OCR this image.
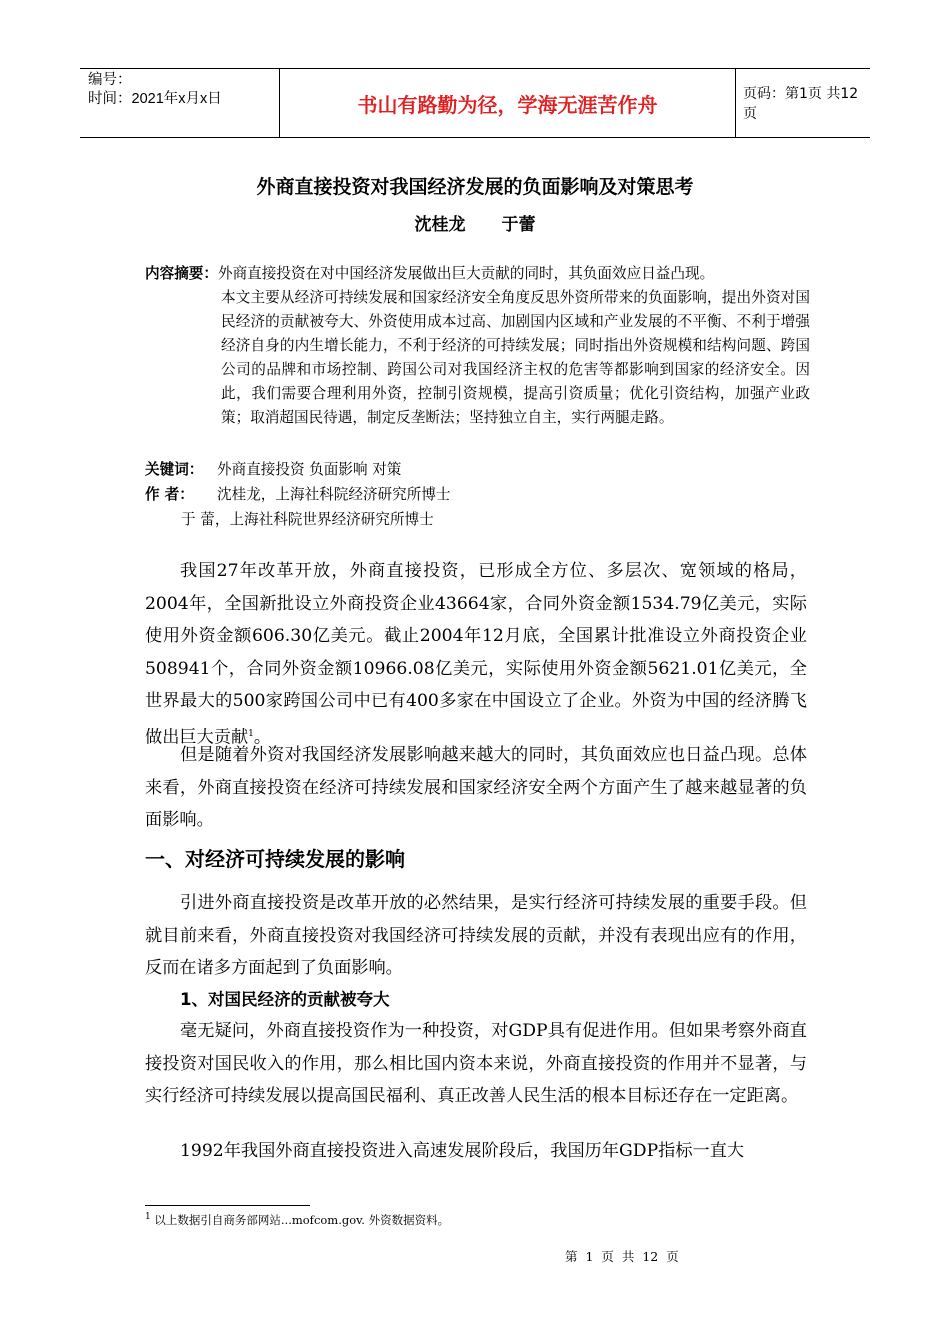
编号：
时间：2021年x月x日	书山有路勤为径，学海无涯苦作舟	页码：第1页 共12页
外商直接投资对我国经济发展的负面影响及对策思考
沈桂龙 于蕾
内容摘要：外商直接投资在对中国经济发展做出巨大贡献的同时，其负面效应日益凸现。
本文主要从经济可持续发展和国家经济安全角度反思外资所带来的负面影响，提出外资对国民经济的贡献被夸大、外资使用成本过高、加剧国内区域和产业发展的不平衡、不利于增强经济自身的内生增长能力，不利于经济的可持续发展；同时指出外资规模和结构问题、跨国公司的品牌和市场控制、跨国公司对我国经济主权的危害等都影响到国家的经济安全。因此，我们需要合理利用外资，控制引资规模，提高引资质量；优化引资结构，加强产业政策；取消超国民待遇，制定反垄断法；坚持独立自主，实行两腿走路。
关键词： 外商直接投资 负面影响 对策
作 者： 沈桂龙，上海社科院经济研究所博士
于 蕾，上海社科院世界经济研究所博士

我国27年改革开放，外商直接投资，已形成全方位、多层次、宽领域的格局，2004年，全国新批设立外商投资企业43664家，合同外资金额1534.79亿美元，实际使用外资金额606.30亿美元。截止2004年12月底，全国累计批准设立外商投资企业508941个，合同外资金额10966.08亿美元，实际使用外资金额5621.01亿美元，全世界最大的500家跨国公司中已有400多家在中国设立了企业。外资为中国的经济腾飞做出巨大贡献$^1$。

但是随着外资对我国经济发展影响越来越大的同时，其负面效应也日益凸现。总体来看，外商直接投资在经济可持续发展和国家经济安全两个方面产生了越来越显著的负面影响。

一、对经济可持续发展的影响

引进外商直接投资是改革开放的必然结果，是实行经济可持续发展的重要手段。但就目前来看，外商直接投资对我国经济可持续发展的贡献，并没有表现出应有的作用，反而在诸多方面起到了负面影响。

1、对国民经济的贡献被夸大

毫无疑问，外商直接投资作为一种投资，对GDP具有促进作用。但如果考察外商直接投资对国民收入的作用，那么相比国内资本来说，外商直接投资的作用并不显著，与实行经济可持续发展以提高国民福利、真正改善人民生活的根本目标还存在一定距离。

1992年我国外商直接投资进入高速发展阶段后，我国历年GDP指标一直大

$^1$ 以上数据引自商务部网站...mofcom.gov. 外资数据资料。
第 1 页 共 12 页
